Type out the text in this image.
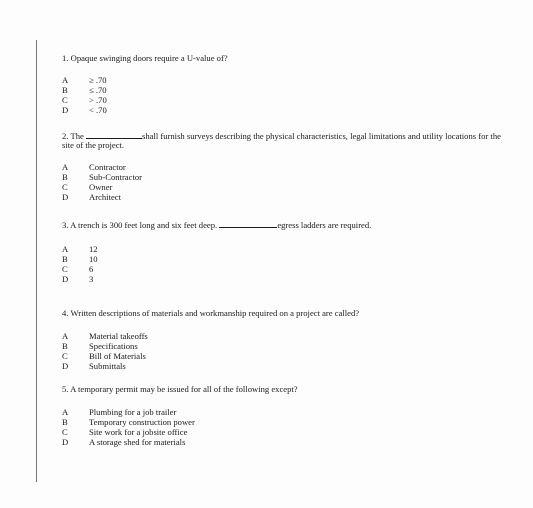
1. Opaque swinging doors require a U-value of?

A	≥ .70
B	≤ .70
C	> .70
D	< .70

2. The	shall furnish surveys describing the physical characteristics, legal limitations and utility locations for the site of the project.

A	Contractor
B	Sub-Contractor
C	Owner
D	Architect

3. A trench is 300 feet long and six feet deep.	egress ladders are required.

A	12
B	10
C	6
D	3

4. Written descriptions of materials and workmanship required on a project are called?

A	Material takeoffs
B	Specifications
C	Bill of Materials
D	Submittals

5. A temporary permit may be issued for all of the following except?

A	Plumbing for a job trailer
B	Temporary construction power
C	Site work for a jobsite office
D	A storage shed for materials
